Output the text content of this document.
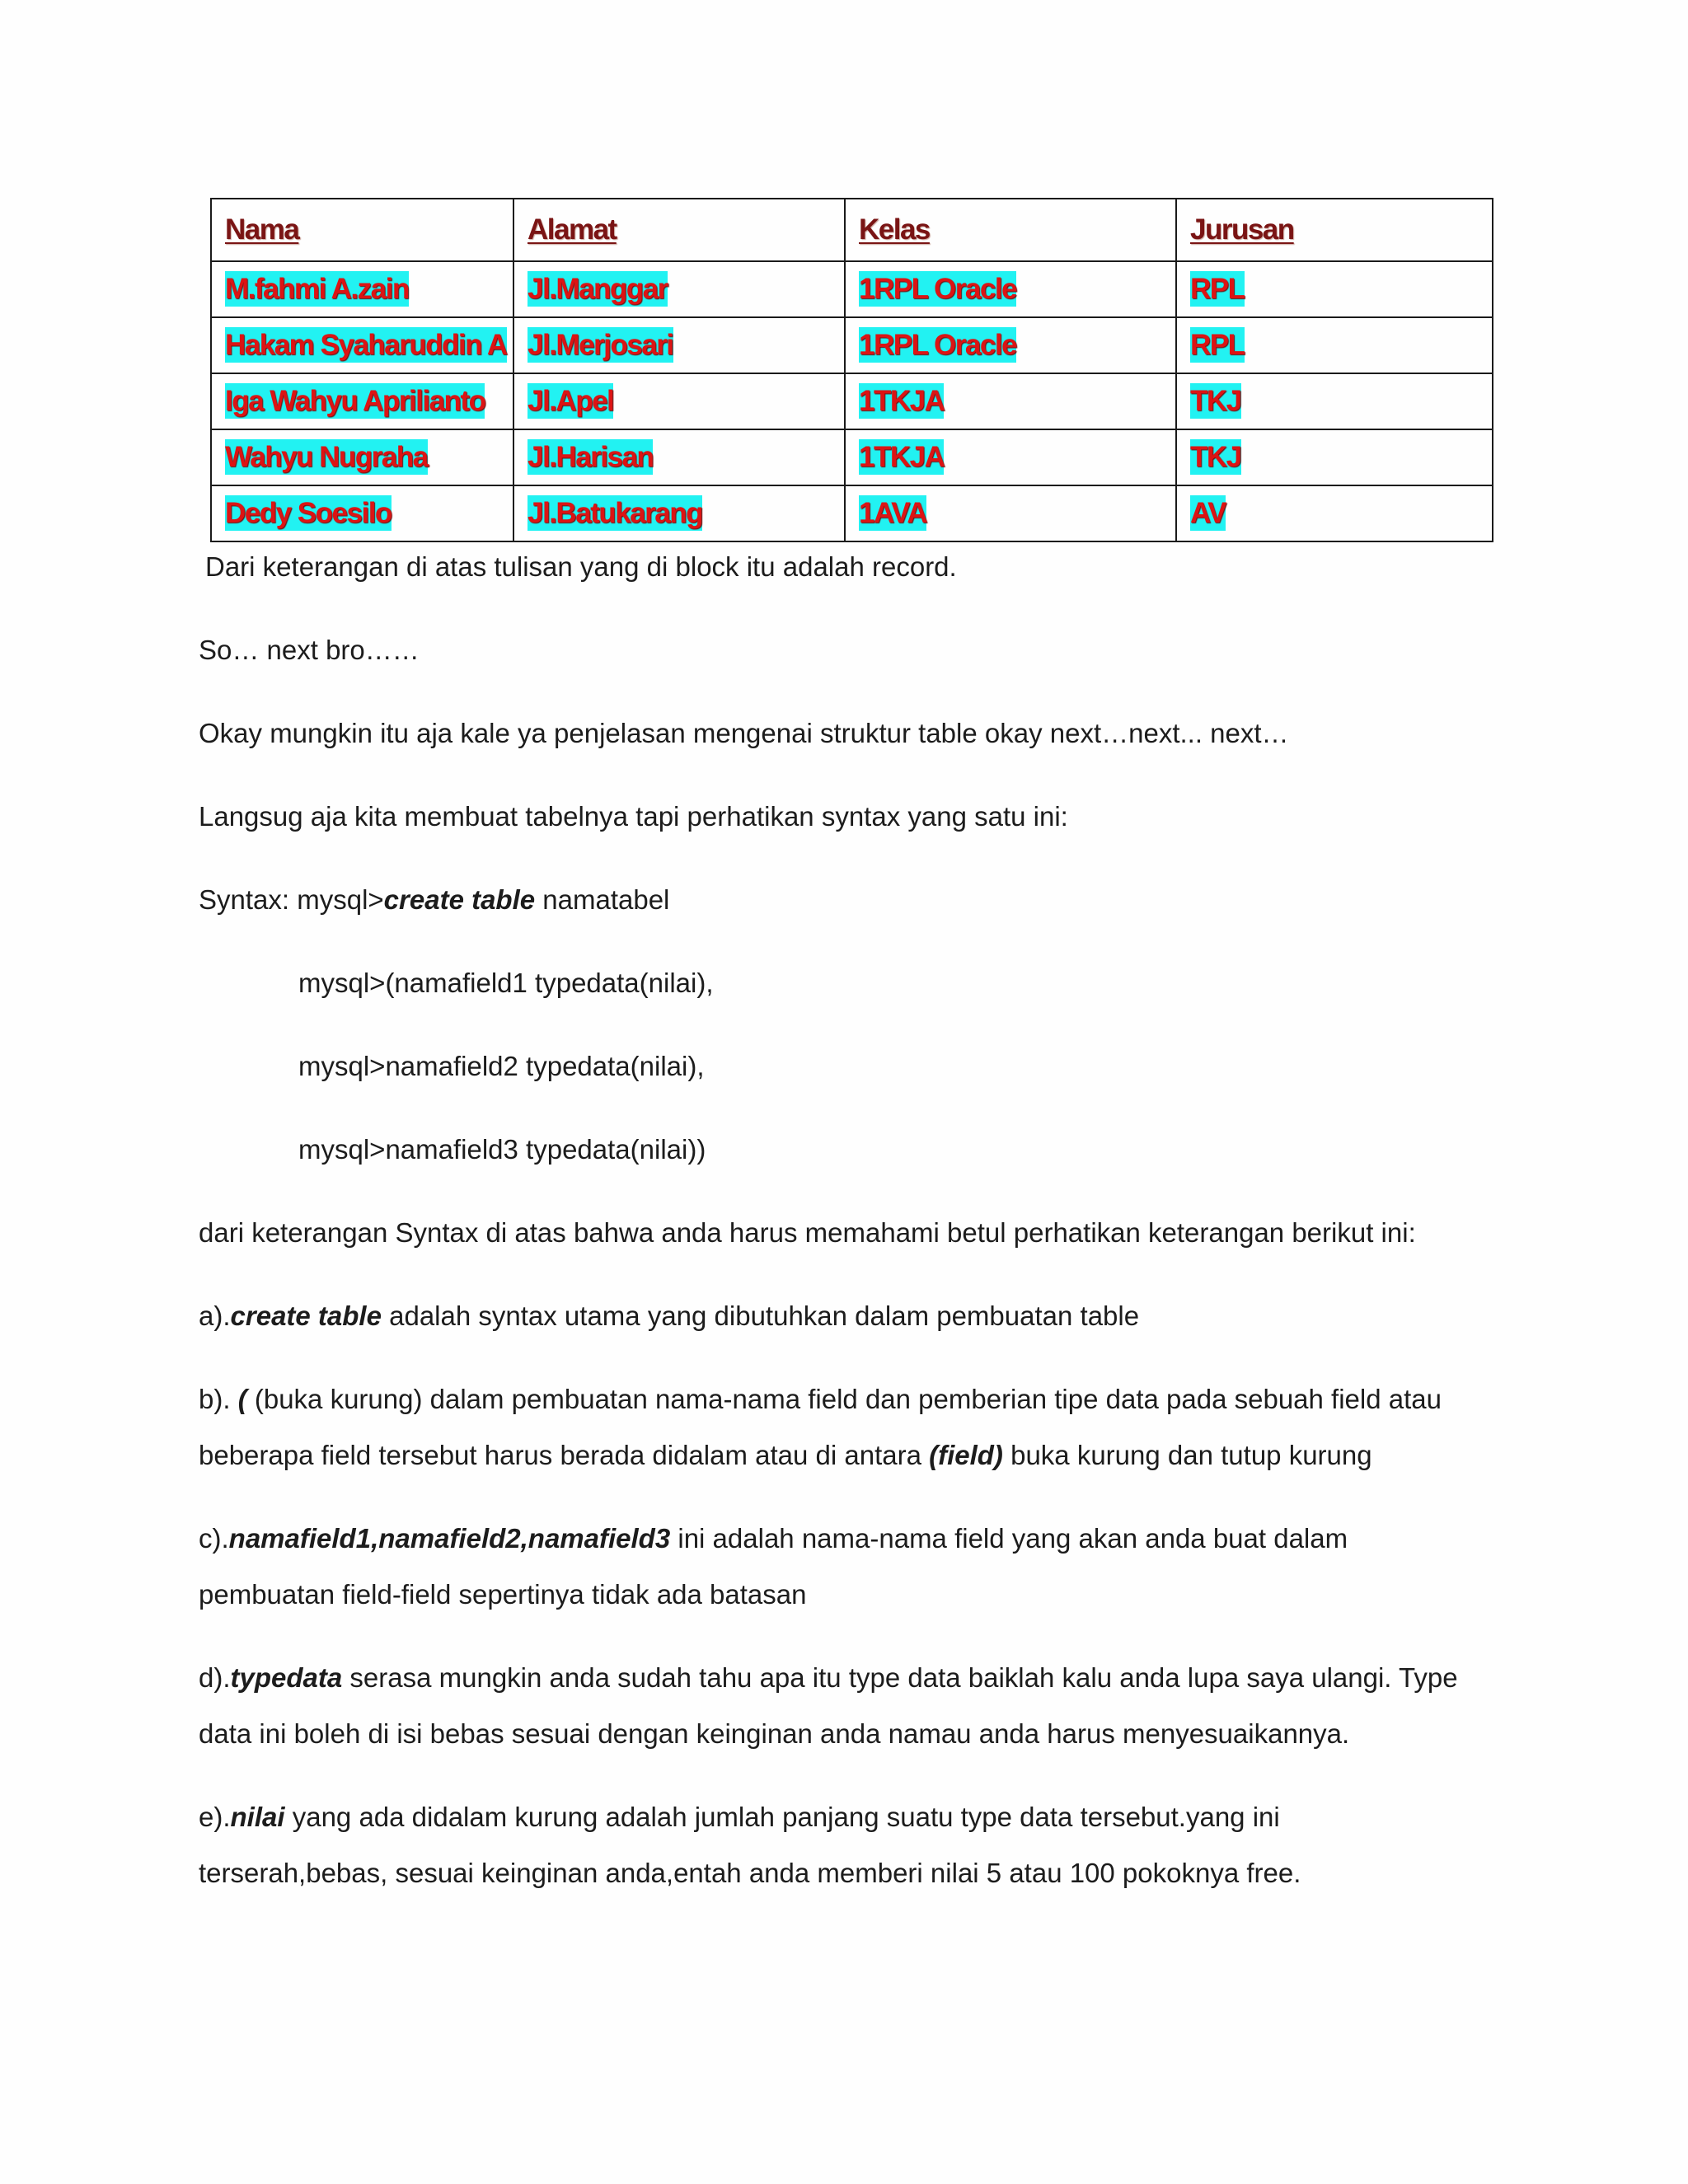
Nama	Alamat	Kelas	Jurusan
M.fahmi A.zain	Jl.Manggar	1RPL Oracle	RPL
Hakam Syaharuddin A	Jl.Merjosari	1RPL Oracle	RPL
Iga Wahyu Aprilianto	Jl.Apel	1TKJA	TKJ
Wahyu Nugraha	Jl.Harisan	1TKJA	TKJ
Dedy Soesilo	Jl.Batukarang	1AVA	AV
Dari keterangan di atas tulisan yang di block itu adalah record.
So… next bro……
Okay mungkin itu aja kale ya penjelasan mengenai struktur table okay next…next... next…
Langsug aja kita membuat tabelnya tapi perhatikan syntax yang satu ini:
Syntax: mysql>create table namatabel
mysql>(namafield1 typedata(nilai),
mysql>namafield2 typedata(nilai),
mysql>namafield3 typedata(nilai))
dari keterangan Syntax di atas bahwa anda harus memahami betul perhatikan keterangan berikut ini:
a).create table adalah syntax utama yang dibutuhkan dalam pembuatan table
b). ( (buka kurung) dalam pembuatan nama-nama field dan pemberian tipe data pada sebuah field atau
beberapa field tersebut harus berada didalam atau di antara (field) buka kurung dan tutup kurung
c).namafield1,namafield2,namafield3 ini adalah nama-nama field yang akan anda buat dalam
pembuatan field-field sepertinya tidak ada batasan
d).typedata serasa mungkin anda sudah tahu apa itu type data baiklah kalu anda lupa saya ulangi. Type
data ini boleh di isi bebas sesuai dengan keinginan anda namau anda harus menyesuaikannya.
e).nilai yang ada didalam kurung adalah jumlah panjang suatu type data tersebut.yang ini
terserah,bebas, sesuai keinginan anda,entah anda memberi nilai 5 atau 100 pokoknya free.
